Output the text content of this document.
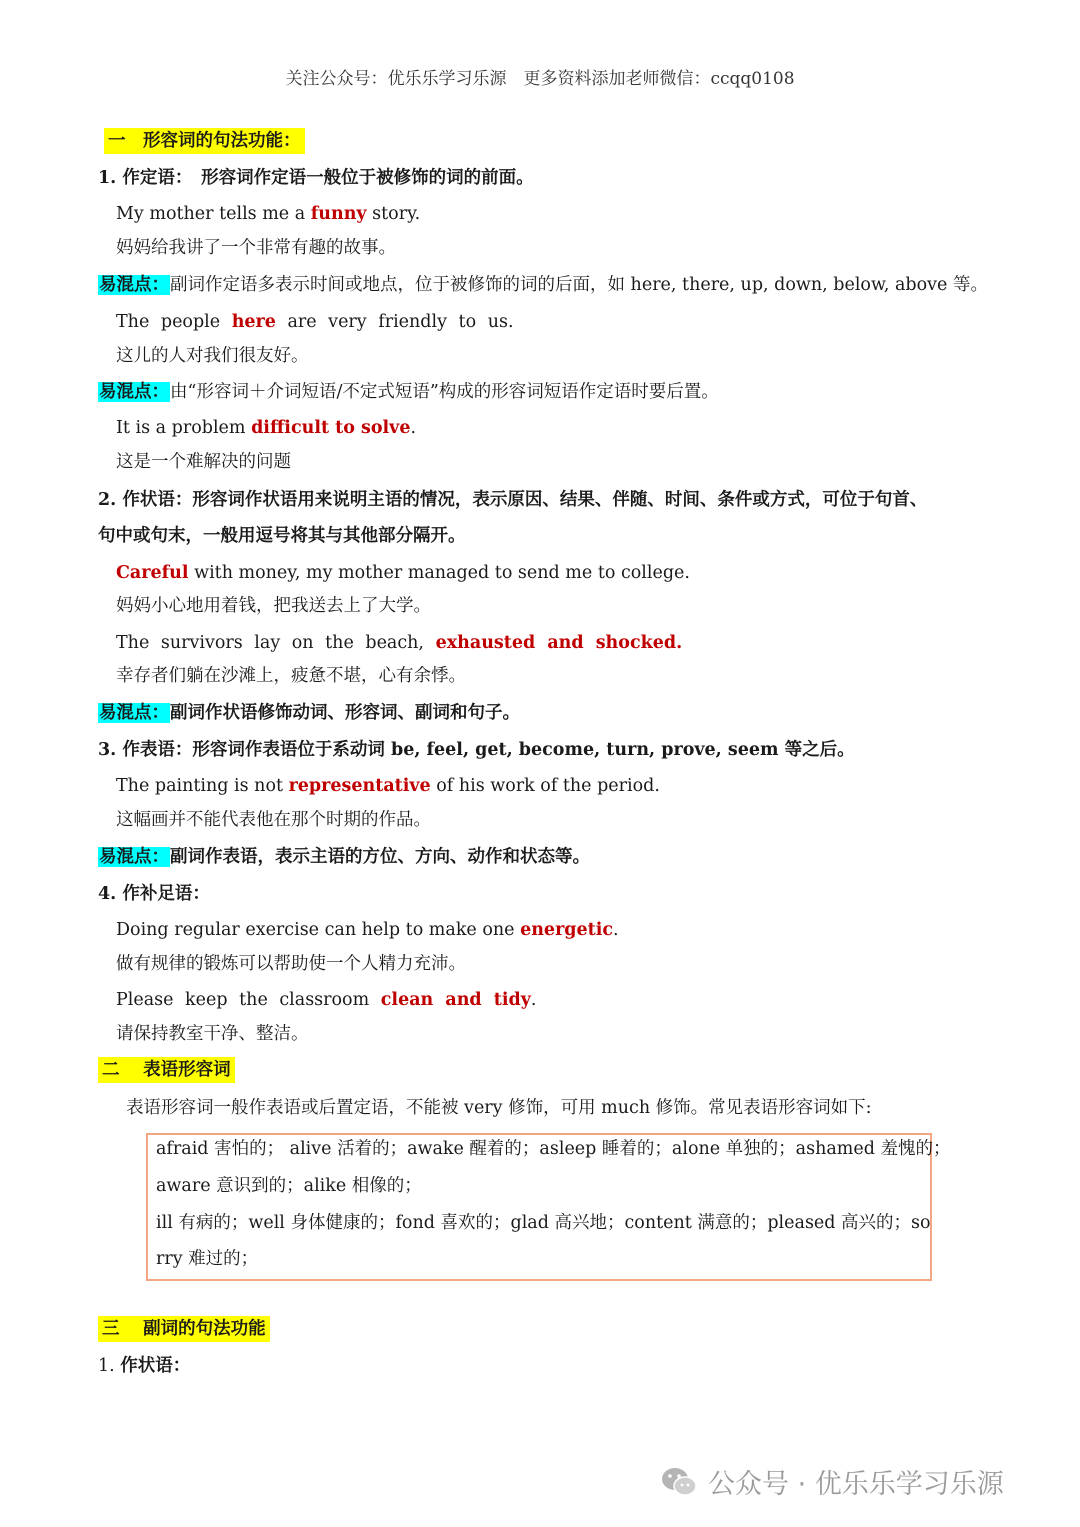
关注公众号：优乐乐学习乐源　更多资料添加老师微信：ccqq0108
一　形容词的句法功能：
1. 作定语：　形容词作定语一般位于被修饰的词的前面。
My mother tells me a funny story.
妈妈给我讲了一个非常有趣的故事。
易混点：副词作定语多表示时间或地点，位于被修饰的词的后面，如 here, there, up, down, below, above 等。
The people here are very friendly to us.
这儿的人对我们很友好。
易混点：由“形容词＋介词短语/不定式短语”构成的形容词短语作定语时要后置。
It is a problem difficult to solve.
这是一个难解决的问题
2. 作状语：形容词作状语用来说明主语的情况，表示原因、结果、伴随、时间、条件或方式，可位于句首、
句中或句末，一般用逗号将其与其他部分隔开。
Careful with money, my mother managed to send me to college.
妈妈小心地用着钱，把我送去上了大学。
The survivors lay on the beach, exhausted and shocked.
幸存者们躺在沙滩上，疲惫不堪，心有余悸。
易混点：副词作状语修饰动词、形容词、副词和句子。
3. 作表语：形容词作表语位于系动词 be, feel, get, become, turn, prove, seem 等之后。
The painting is not representative of his work of the period.
这幅画并不能代表他在那个时期的作品。
易混点：副词作表语，表示主语的方位、方向、动作和状态等。
4. 作补足语：
Doing regular exercise can help to make one energetic.
做有规律的锻炼可以帮助使一个人精力充沛。
Please keep the classroom clean and tidy.
请保持教室干净、整洁。
二　 表语形容词
表语形容词一般作表语或后置定语，不能被 very 修饰，可用 much 修饰。常见表语形容词如下:
afraid 害怕的； alive 活着的；awake 醒着的；asleep 睡着的；alone 单独的；ashamed 羞愧的；
aware 意识到的；alike 相像的；
ill 有病的；well 身体健康的；fond 喜欢的；glad 高兴地；content 满意的；pleased 高兴的；so
rry 难过的；
三　 副词的句法功能
1. 作状语：
公众号 · 优乐乐学习乐源
